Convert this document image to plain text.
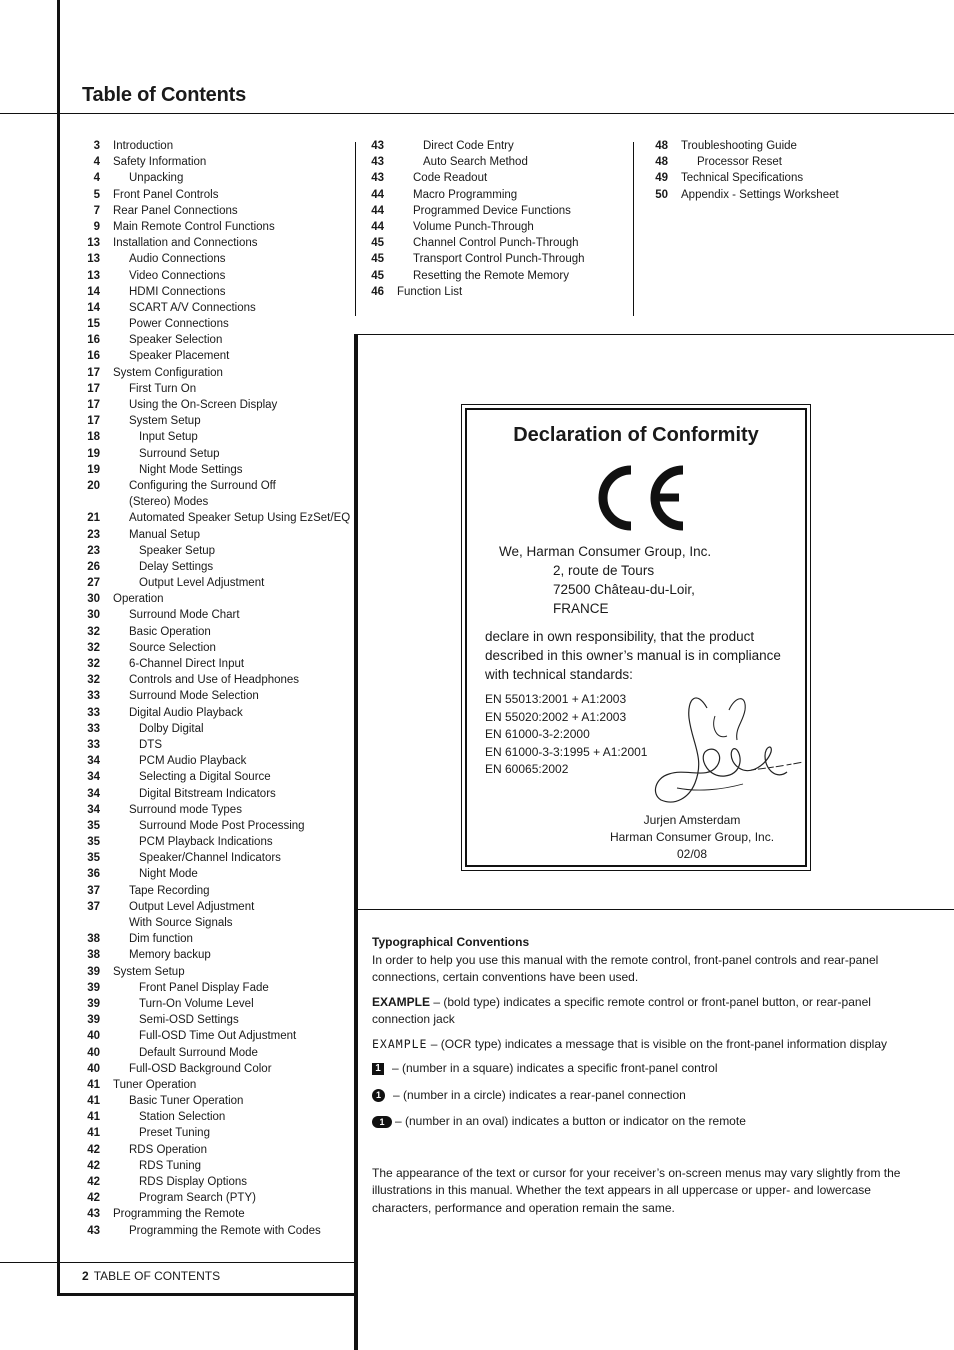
Table of Contents
3 Introduction
4 Safety Information
4	Unpacking
5 Front Panel Controls
7 Rear Panel Connections
9 Main Remote Control Functions
13 Installation and Connections
13	Audio Connections
13	Video Connections
14	HDMI Connections
14	SCART A/V Connections
15	Power Connections
16	Speaker Selection
16	Speaker Placement
17 System Configuration
17	First Turn On
17	Using the On-Screen Display
17	System Setup
18	Input Setup
19	Surround Setup
19	Night Mode Settings
20	Configuring the Surround Off
(Stereo) Modes
21	Automated Speaker Setup Using EzSet/EQ
23	Manual Setup
23	Speaker Setup
26	Delay Settings
27	Output Level Adjustment
30 Operation
30	Surround Mode Chart
32	Basic Operation
32	Source Selection
32	6-Channel Direct Input
32	Controls and Use of Headphones
33	Surround Mode Selection
33	Digital Audio Playback
33	Dolby Digital
33	DTS
34	PCM Audio Playback
34	Selecting a Digital Source
34	Digital Bitstream Indicators
34	Surround mode Types
35	Surround Mode Post Processing
35	PCM Playback Indications
35	Speaker/Channel Indicators
36	Night Mode
37	Tape Recording
37	Output Level Adjustment
With Source Signals
38	Dim function
38	Memory backup
39 System Setup
39	Front Panel Display Fade
39	Turn-On Volume Level
39	Semi-OSD Settings
40	Full-OSD Time Out Adjustment
40	Default Surround Mode
40	Full-OSD Background Color
41 Tuner Operation
41	Basic Tuner Operation
41	Station Selection
41	Preset Tuning
42	RDS Operation
42	RDS Tuning
42	RDS Display Options
42	Program Search (PTY)
43 Programming the Remote
43	Programming the Remote with Codes
43	Direct Code Entry
43	Auto Search Method
43	Code Readout
44	Macro Programming
44	Programmed Device Functions
44	Volume Punch-Through
45	Channel Control Punch-Through
45	Transport Control Punch-Through
45	Resetting the Remote Memory
46 Function List
48 Troubleshooting Guide
48	Processor Reset
49 Technical Specifications
50 Appendix - Settings Worksheet
Declaration of Conformity
We, Harman Consumer Group, Inc.
2, route de Tours
72500 Château-du-Loir,
FRANCE
declare in own responsibility, that the product
described in this owner’s manual is in compliance
with technical standards:
EN 55013:2001 + A1:2003
EN 55020:2002 + A1:2003
EN 61000-3-2:2000
EN 61000-3-3:1995 + A1:2001
EN 60065:2002
Jurjen Amsterdam
Harman Consumer Group, Inc.
02/08

Typographical Conventions

In order to help you use this manual with the remote control, front-panel controls and rear-panel connections, certain conventions have been used.

EXAMPLE – (bold type) indicates a specific remote control or front-panel button, or rear-panel connection jack

EXAMPLE – (OCR type) indicates a message that is visible on the front-panel information display

1 – (number in a square) indicates a specific front-panel control

1	– (number in a circle) indicates a rear-panel connection

1 – (number in an oval) indicates a button or indicator on the remote

The appearance of the text or cursor for your receiver’s on-screen menus may vary slightly from the illustrations in this manual. Whether the text appears in all uppercase or upper- and lowercase characters, performance and operation remain the same.

2 TABLE OF CONTENTS
